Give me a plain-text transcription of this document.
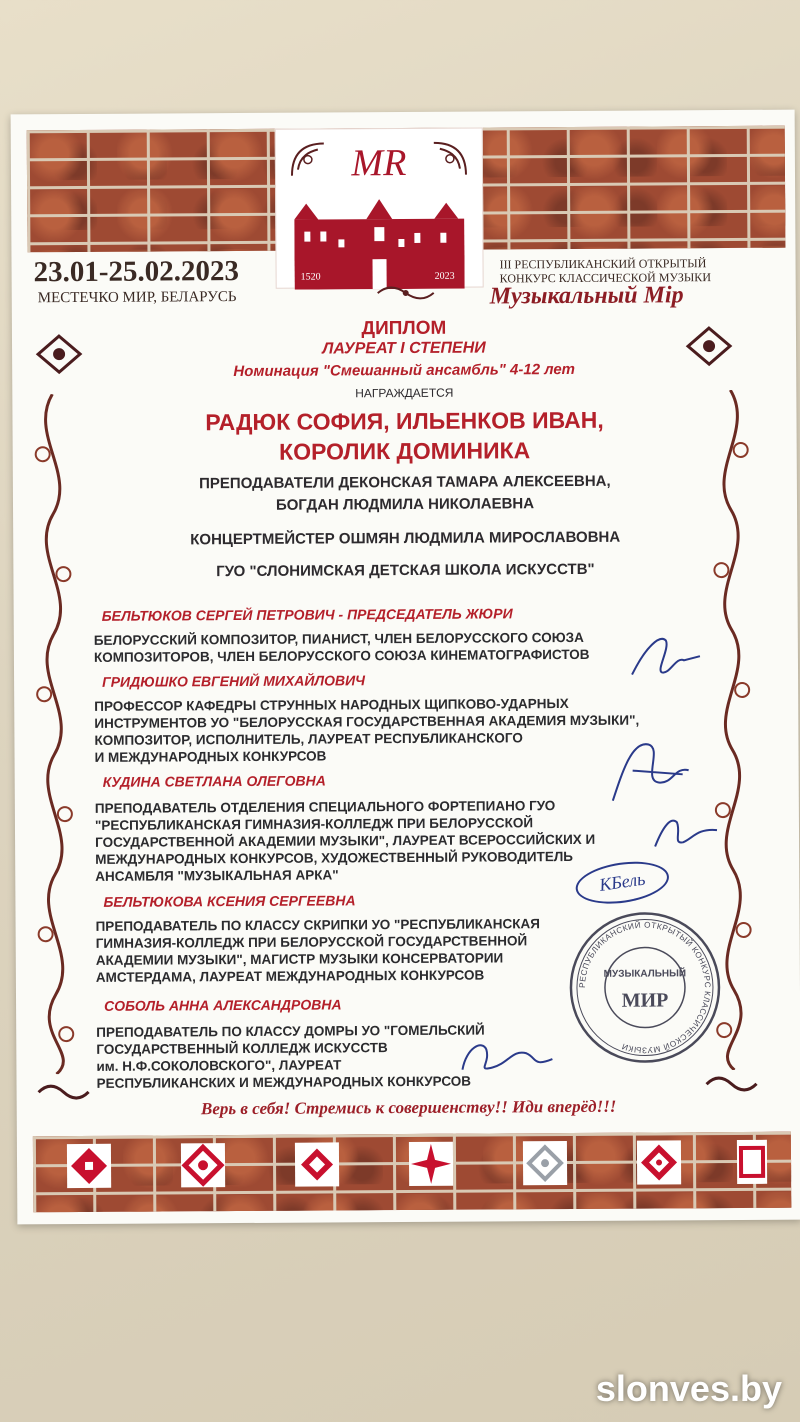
MR
1520	2023
23.01-25.02.2023
МЕСТЕЧКО МИР, БЕЛАРУСЬ
III РЕСПУБЛИКАНСКИЙ ОТКРЫТЫЙ
КОНКУРС КЛАССИЧЕСКОЙ МУЗЫКИ
Музыкальный Мiр
ДИПЛОМ
ЛАУРЕАТ I СТЕПЕНИ
Номинация "Смешанный ансамбль" 4-12 лет
НАГРАЖДАЕТСЯ
РАДЮК СОФИЯ, ИЛЬЕНКОВ ИВАН,
КОРОЛИК ДОМИНИКА
ПРЕПОДАВАТЕЛИ ДЕКОНСКАЯ ТАМАРА АЛЕКСЕЕВНА,
БОГДАН ЛЮДМИЛА НИКОЛАЕВНА
КОНЦЕРТМЕЙСТЕР ОШМЯН ЛЮДМИЛА МИРОСЛАВОВНА
ГУО "СЛОНИМСКАЯ ДЕТСКАЯ ШКОЛА ИСКУССТВ"
БЕЛЬТЮКОВ СЕРГЕЙ ПЕТРОВИЧ - ПРЕДСЕДАТЕЛЬ ЖЮРИ
БЕЛОРУССКИЙ КОМПОЗИТОР, ПИАНИСТ, ЧЛЕН БЕЛОРУССКОГО СОЮЗА
КОМПОЗИТОРОВ, ЧЛЕН БЕЛОРУССКОГО СОЮЗА КИНЕМАТОГРАФИСТОВ
ГРИДЮШКО ЕВГЕНИЙ МИХАЙЛОВИЧ
ПРОФЕССОР КАФЕДРЫ СТРУННЫХ НАРОДНЫХ ЩИПКОВО-УДАРНЫХ
ИНСТРУМЕНТОВ УО "БЕЛОРУССКАЯ ГОСУДАРСТВЕННАЯ АКАДЕМИЯ МУЗЫКИ",
КОМПОЗИТОР, ИСПОЛНИТЕЛЬ, ЛАУРЕАТ РЕСПУБЛИКАНСКОГО
И МЕЖДУНАРОДНЫХ КОНКУРСОВ
КУДИНА СВЕТЛАНА ОЛЕГОВНА
ПРЕПОДАВАТЕЛЬ ОТДЕЛЕНИЯ СПЕЦИАЛЬНОГО ФОРТЕПИАНО ГУО
"РЕСПУБЛИКАНСКАЯ ГИМНАЗИЯ-КОЛЛЕДЖ ПРИ БЕЛОРУССКОЙ
ГОСУДАРСТВЕННОЙ АКАДЕМИИ МУЗЫКИ", ЛАУРЕАТ ВСЕРОССИЙСКИХ И
МЕЖДУНАРОДНЫХ КОНКУРСОВ, ХУДОЖЕСТВЕННЫЙ РУКОВОДИТЕЛЬ
АНСАМБЛЯ "МУЗЫКАЛЬНАЯ АРКА"
БЕЛЬТЮКОВА КСЕНИЯ СЕРГЕЕВНА
ПРЕПОДАВАТЕЛЬ ПО КЛАССУ СКРИПКИ УО "РЕСПУБЛИКАНСКАЯ
ГИМНАЗИЯ-КОЛЛЕДЖ ПРИ БЕЛОРУССКОЙ ГОСУДАРСТВЕННОЙ
АКАДЕМИИ МУЗЫКИ", МАГИСТР МУЗЫКИ КОНСЕРВАТОРИИ
АМСТЕРДАМА, ЛАУРЕАТ МЕЖДУНАРОДНЫХ КОНКУРСОВ
СОБОЛЬ АННА АЛЕКСАНДРОВНА
ПРЕПОДАВАТЕЛЬ ПО КЛАССУ ДОМРЫ УО "ГОМЕЛЬСКИЙ
ГОСУДАРСТВЕННЫЙ КОЛЛЕДЖ ИСКУССТВ
им. Н.Ф.СОКОЛОВСКОГО", ЛАУРЕАТ
РЕСПУБЛИКАНСКИХ И МЕЖДУНАРОДНЫХ КОНКУРСОВ
КБель
РЕСПУБЛИКАНСКИЙ ОТКРЫТЫЙ КОНКУРС КЛАССИЧЕСКОЙ МУЗЫКИ
МУЗЫКАЛЬНЫЙ
МИР
Верь в себя! Стремись к совершенству!! Иди вперёд!!!
slonves.by
